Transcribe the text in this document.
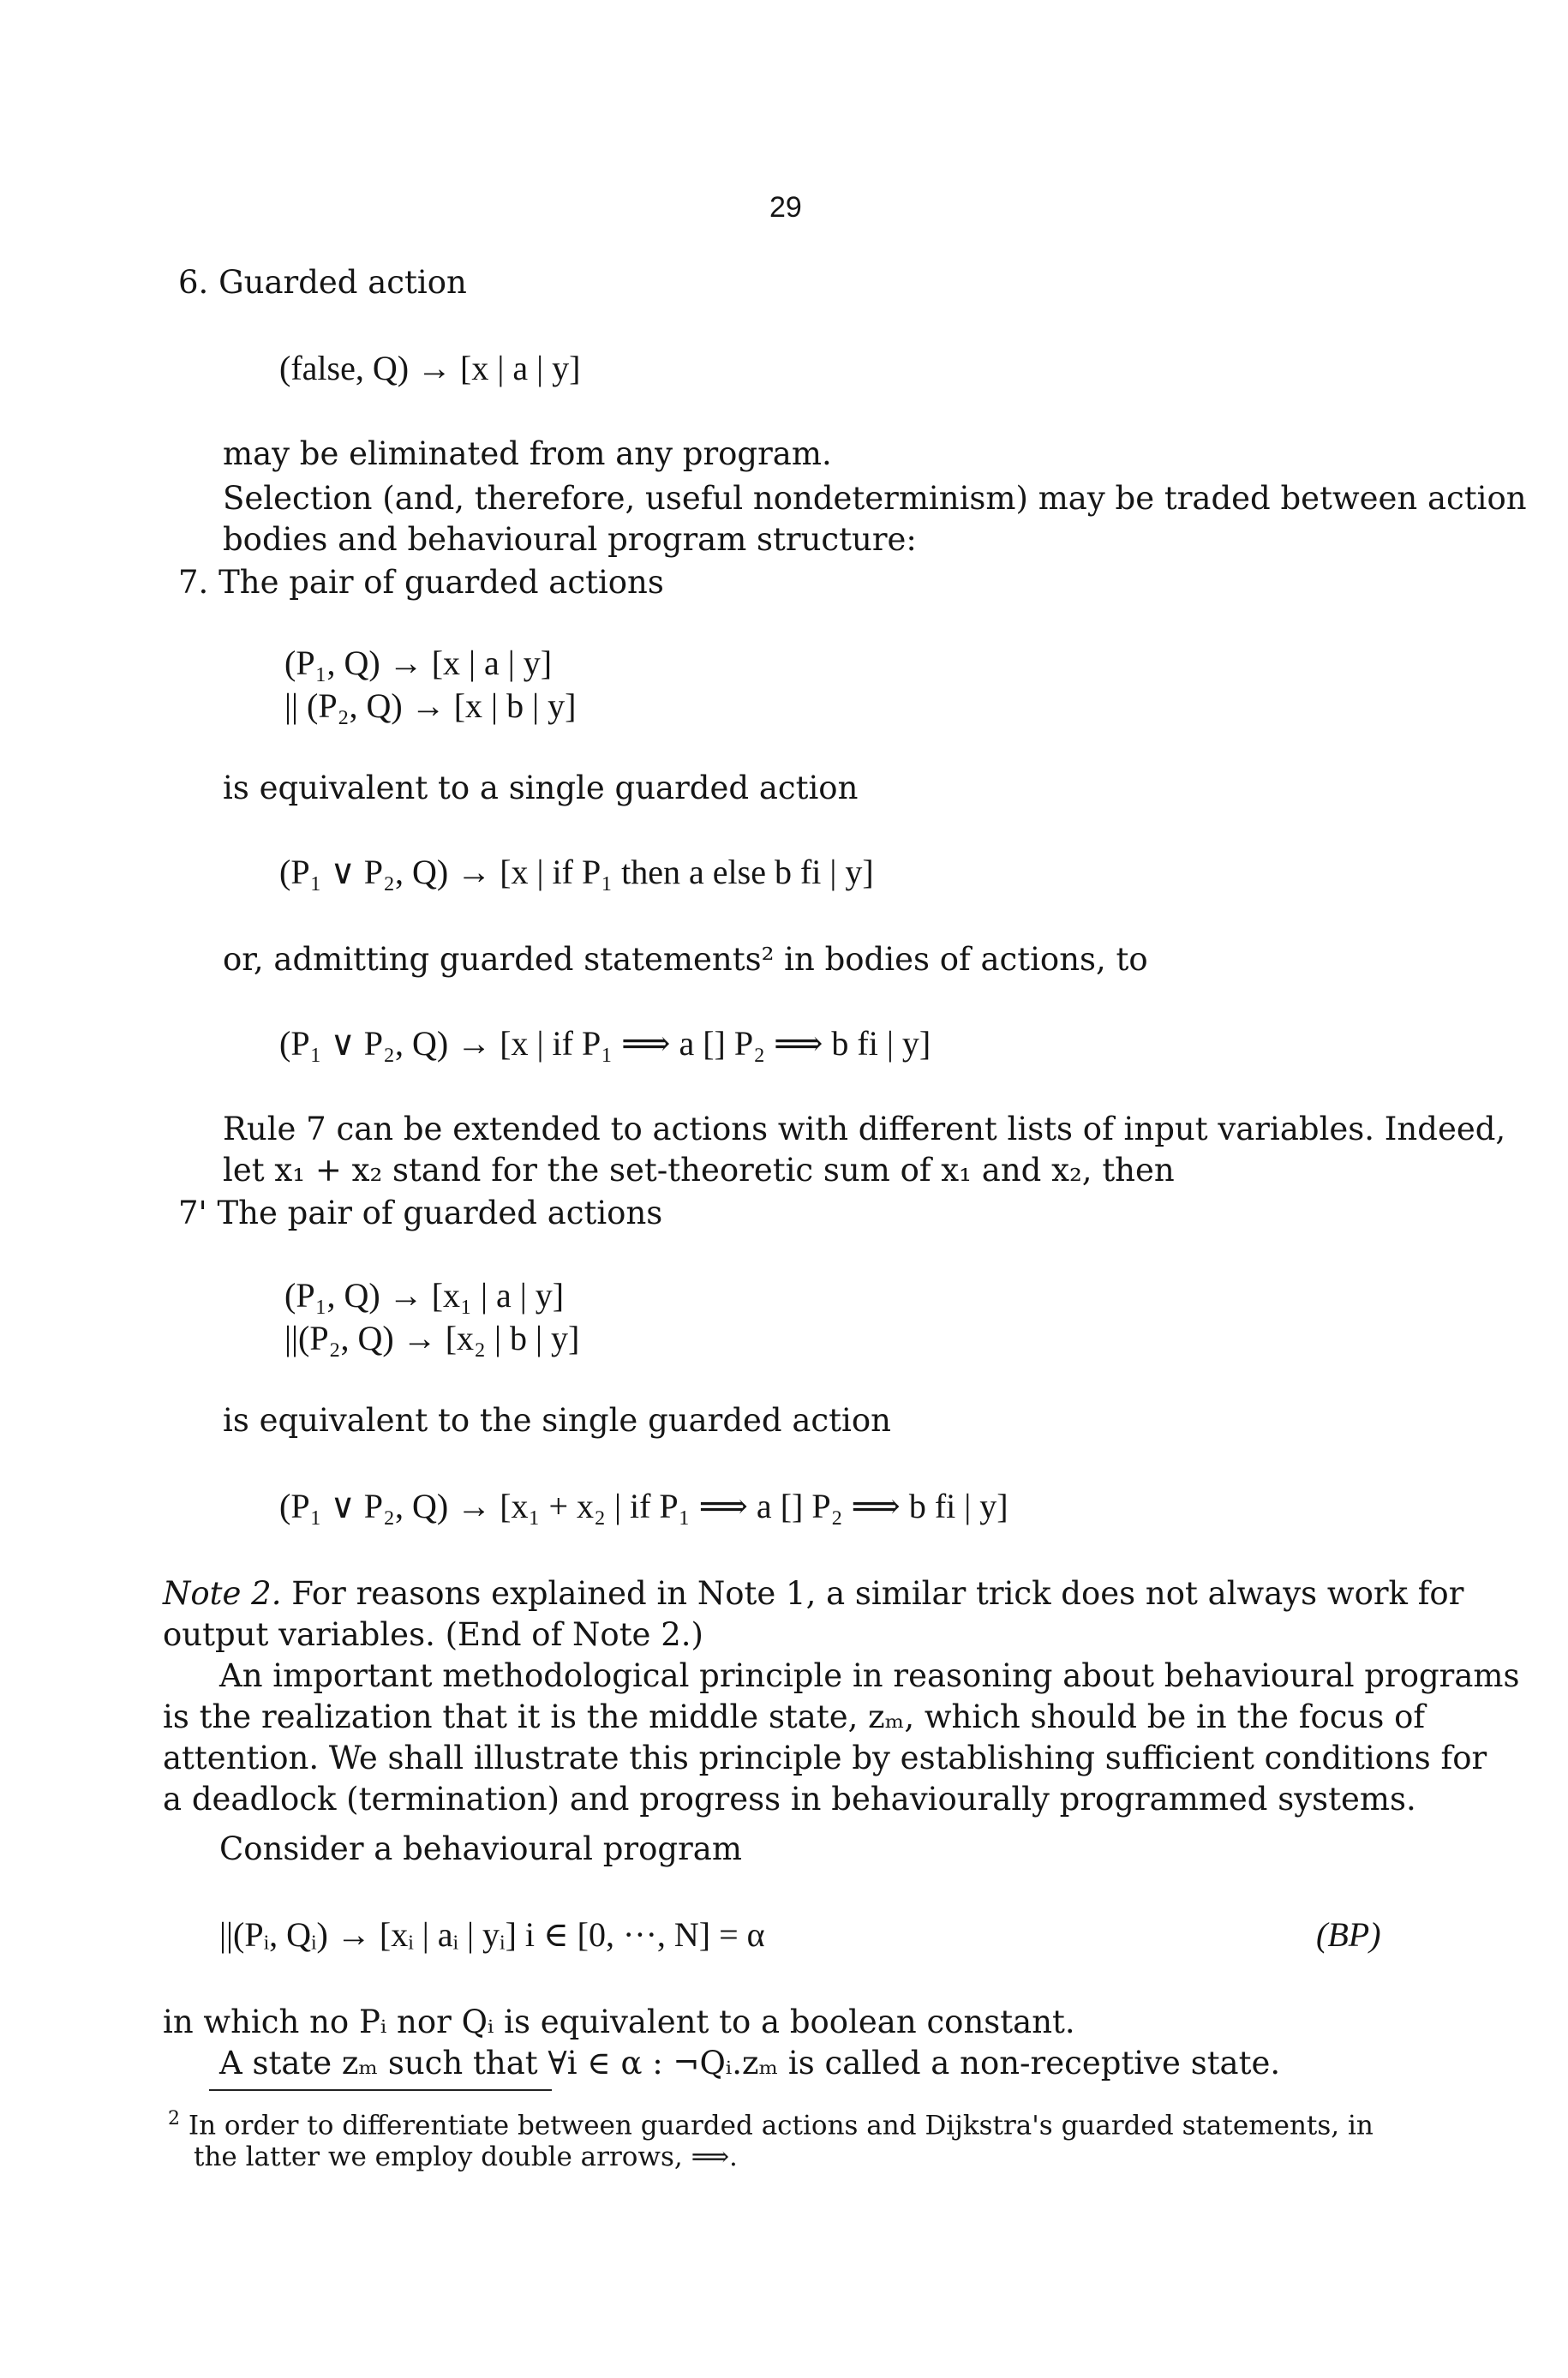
29
6. Guarded action
(false, Q) → [x | a | y]
may be eliminated from any program.
Selection (and, therefore, useful nondeterminism) may be traded between action
bodies and behavioural program structure:
7. The pair of guarded actions
(P₁, Q) → [x | a | y]
|| (P₂, Q) → [x | b | y]
is equivalent to a single guarded action
(P₁ ∨ P₂, Q) → [x | if P₁ then a else b fi | y]
or, admitting guarded statements² in bodies of actions, to
(P₁ ∨ P₂, Q) → [x | if P₁ ⟹ a [] P₂ ⟹ b fi | y]
Rule 7 can be extended to actions with different lists of input variables. Indeed,
let x₁ + x₂ stand for the set-theoretic sum of x₁ and x₂, then
7' The pair of guarded actions
(P₁, Q) → [x₁ | a | y]
||(P₂, Q) → [x₂ | b | y]
is equivalent to the single guarded action
(P₁ ∨ P₂, Q) → [x₁ + x₂ | if P₁ ⟹ a [] P₂ ⟹ b fi | y]
Note 2. For reasons explained in Note 1, a similar trick does not always work for
output variables. (End of Note 2.)
An important methodological principle in reasoning about behavioural programs
is the realization that it is the middle state, zₘ, which should be in the focus of
attention. We shall illustrate this principle by establishing sufficient conditions for
a deadlock (termination) and progress in behaviourally programmed systems.
Consider a behavioural program
||(Pᵢ, Qᵢ) → [xᵢ | aᵢ | yᵢ] i ∈ [0, ···, N] = α	(BP)
in which no Pᵢ nor Qᵢ is equivalent to a boolean constant.
A state zₘ such that ∀i ∈ α : ¬Qᵢ.zₘ is called a non-receptive state.
$^2$ In order to differentiate between guarded actions and Dijkstra's guarded statements, in
the latter we employ double arrows, ⟹.
